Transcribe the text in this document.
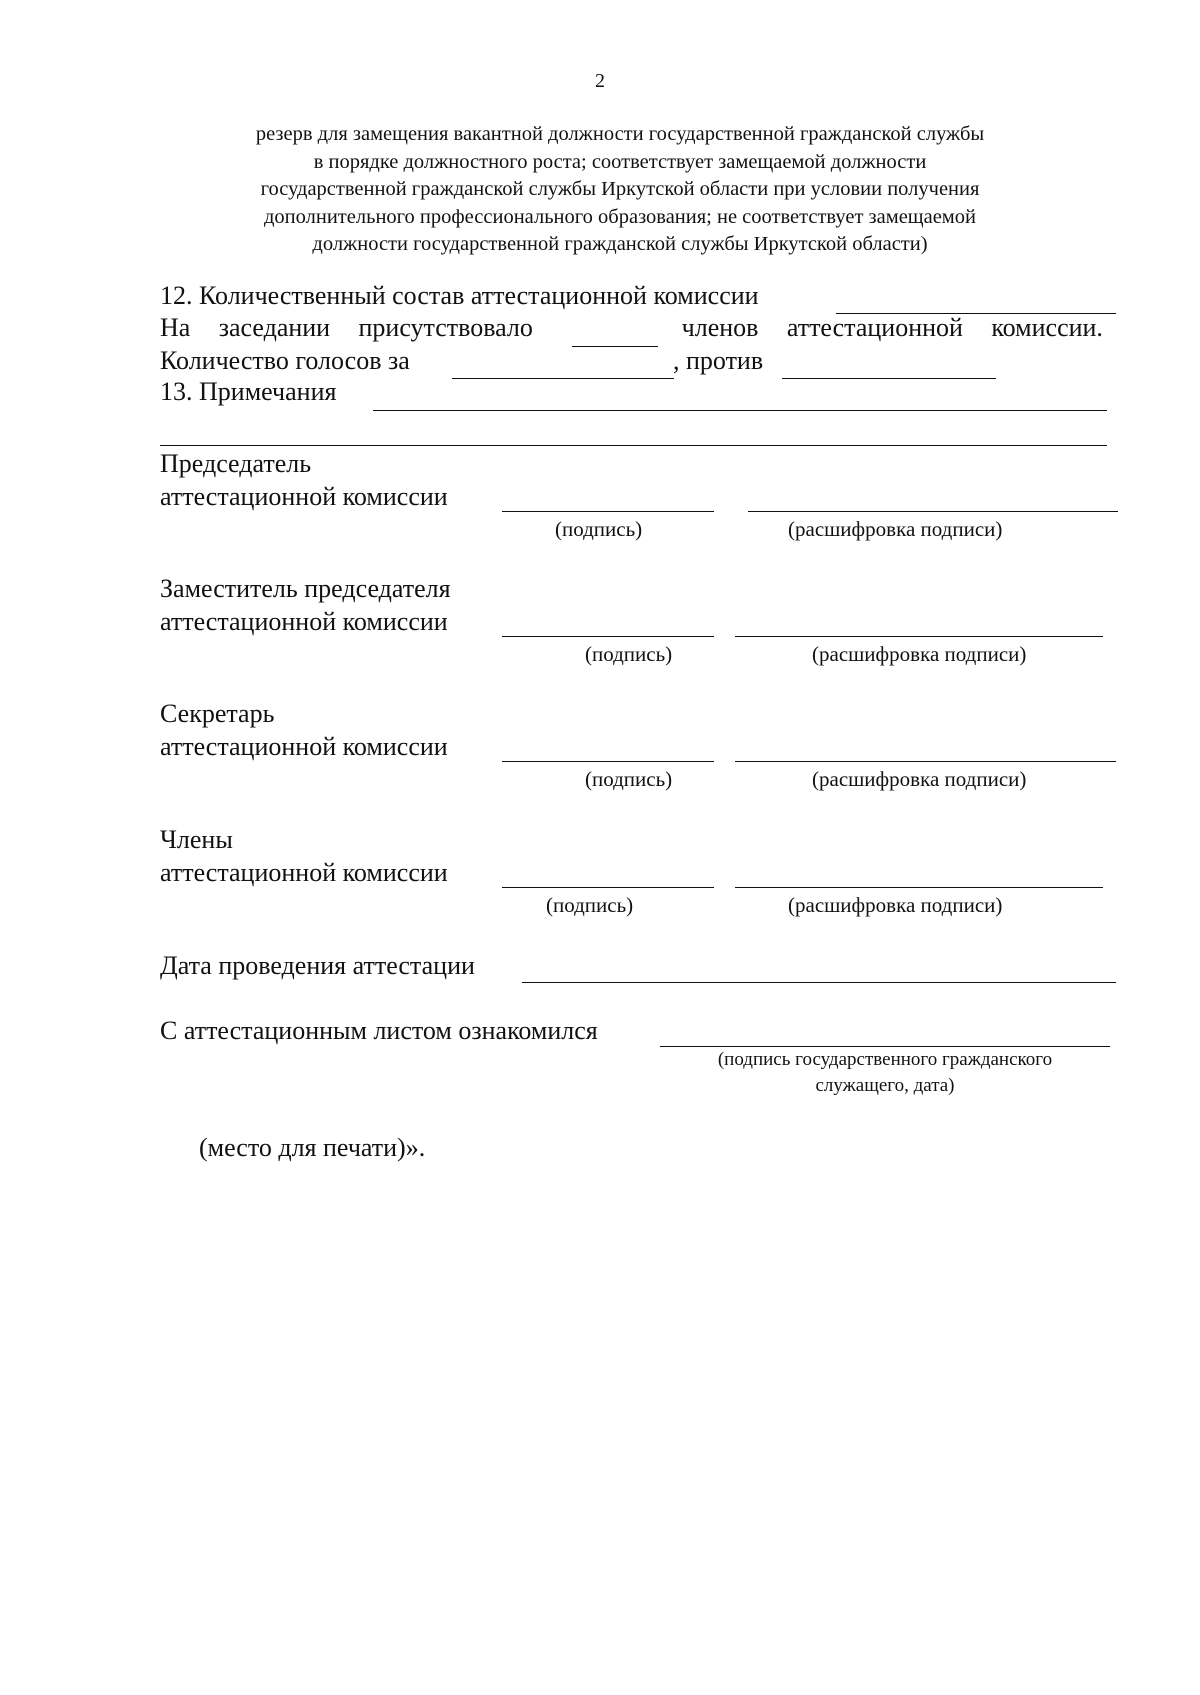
2
резерв для замещения вакантной должности государственной гражданской службы
в порядке должностного роста; соответствует замещаемой должности
государственной гражданской службы Иркутской области при условии получения
дополнительного профессионального образования; не соответствует замещаемой
должности государственной гражданской службы Иркутской области)
12. Количественный состав аттестационной комиссии
На заседании присутствовало	членов аттестационной комиссии.
Количество голосов за	, против
13. Примечания
Председатель
аттестационной комиссии
(подпись)	(расшифровка подписи)
Заместитель председателя
аттестационной комиссии
(подпись)	(расшифровка подписи)
Секретарь
аттестационной комиссии
(подпись)	(расшифровка подписи)
Члены
аттестационной комиссии
(подпись)	(расшифровка подписи)
Дата проведения аттестации
С аттестационным листом ознакомился
(подпись государственного гражданского
служащего, дата)
(место для печати)».
